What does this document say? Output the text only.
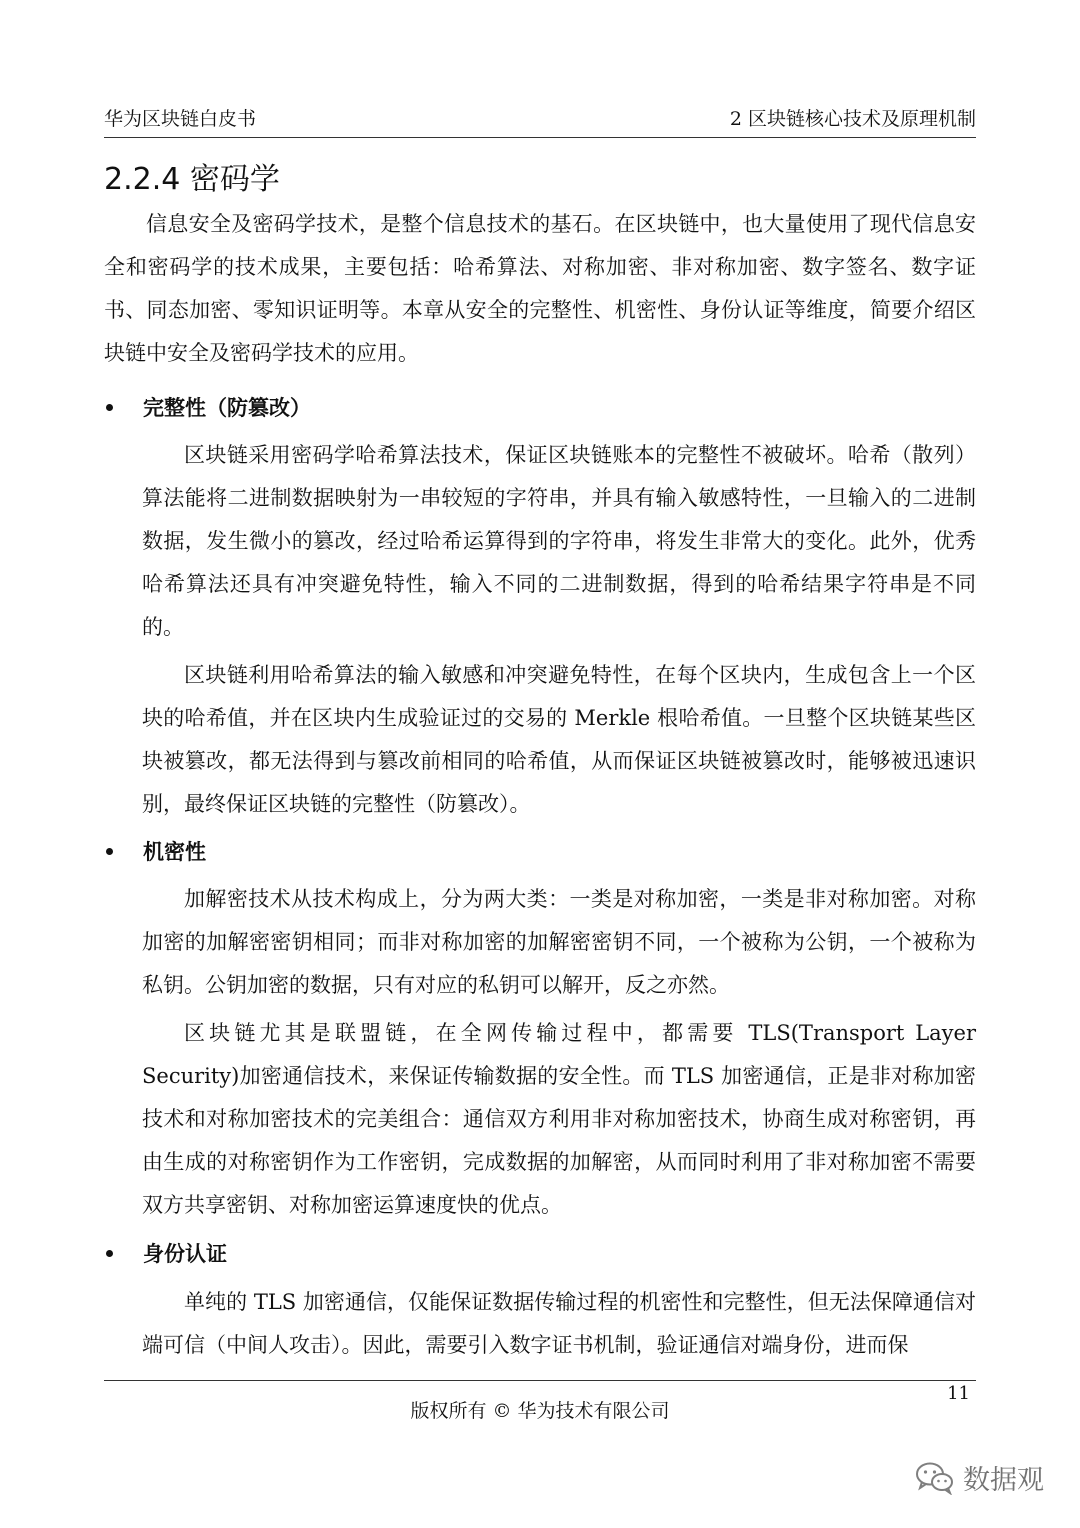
华为区块链白皮书	2 区块链核心技术及原理机制
2.2.4 密码学

信息安全及密码学技术，是整个信息技术的基石。在区块链中，也大量使用了现代信息安全和密码学的技术成果，主要包括：哈希算法、对称加密、非对称加密、数字签名、数字证书、同态加密、零知识证明等。本章从安全的完整性、机密性、身份认证等维度，简要介绍区块链中安全及密码学技术的应用。

完整性（防篡改）

区块链采用密码学哈希算法技术，保证区块链账本的完整性不被破坏。哈希（散列）算法能将二进制数据映射为一串较短的字符串，并具有输入敏感特性，一旦输入的二进制数据，发生微小的篡改，经过哈希运算得到的字符串，将发生非常大的变化。此外，优秀哈希算法还具有冲突避免特性，输入不同的二进制数据，得到的哈希结果字符串是不同的。

区块链利用哈希算法的输入敏感和冲突避免特性，在每个区块内，生成包含上一个区块的哈希值，并在区块内生成验证过的交易的 Merkle 根哈希值。一旦整个区块链某些区块被篡改，都无法得到与篡改前相同的哈希值，从而保证区块链被篡改时，能够被迅速识别，最终保证区块链的完整性（防篡改）。

机密性

加解密技术从技术构成上，分为两大类：一类是对称加密，一类是非对称加密。对称加密的加解密密钥相同；而非对称加密的加解密密钥不同，一个被称为公钥，一个被称为私钥。公钥加密的数据，只有对应的私钥可以解开，反之亦然。

区块链尤其是联盟链，在全网传输过程中，都需要 TLS(Transport Layer Security)加密通信技术，来保证传输数据的安全性。而 TLS 加密通信，正是非对称加密技术和对称加密技术的完美组合：通信双方利用非对称加密技术，协商生成对称密钥，再由生成的对称密钥作为工作密钥，完成数据的加解密，从而同时利用了非对称加密不需要双方共享密钥、对称加密运算速度快的优点。

身份认证

单纯的 TLS 加密通信，仅能保证数据传输过程的机密性和完整性，但无法保障通信对端可信（中间人攻击）。因此，需要引入数字证书机制，验证通信对端身份，进而保

11
版权所有 © 华为技术有限公司
数据观
